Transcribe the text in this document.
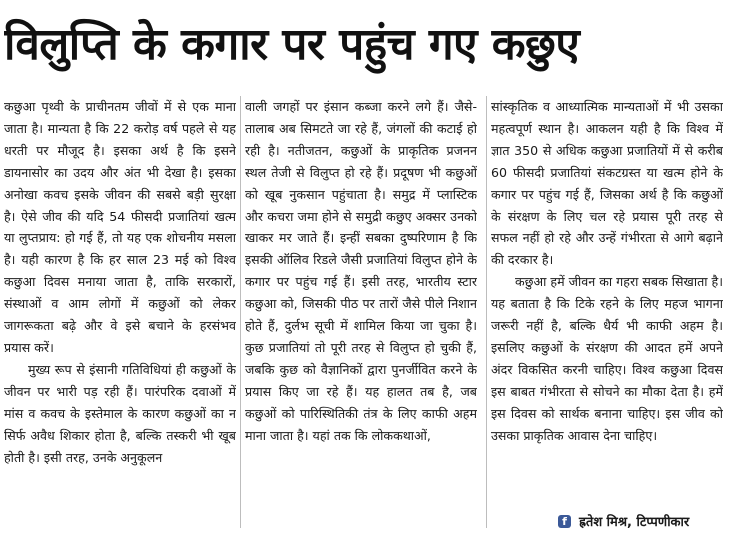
विलुप्ति के कगार पर पहुंच गए कछुए

कछुआ पृथ्वी के प्राचीनतम जीवों में से एक माना जाता है। मान्यता है कि 22 करोड़ वर्ष पहले से यह धरती पर मौजूद है। इसका अर्थ है कि इसने डायनासोर का उदय और अंत भी देखा है। इसका अनोखा कवच इसके जीवन की सबसे बड़ी सुरक्षा है। ऐसे जीव की यदि 54 फीसदी प्रजातियां खत्म या लुप्तप्राय: हो गई हैं, तो यह एक शोचनीय मसला है। यही कारण है कि हर साल 23 मई को विश्व कछुआ दिवस मनाया जाता है, ताकि सरकारों, संस्थाओं व आम लोगों में कछुओं को लेकर जागरूकता बढ़े और वे इसे बचाने के हरसंभव प्रयास करें।

मुख्य रूप से इंसानी गतिविधियां ही कछुओं के जीवन पर भारी पड़ रही हैं। पारंपरिक दवाओं में मांस व कवच के इस्तेमाल के कारण कछुओं का न सिर्फ अवैध शिकार होता है, बल्कि तस्करी भी खूब होती है। इसी तरह, उनके अनुकूलन

वाली जगहों पर इंसान कब्जा करने लगे हैं। जैसे- तालाब अब सिमटते जा रहे हैं, जंगलों की कटाई हो रही है। नतीजतन, कछुओं के प्राकृतिक प्रजनन स्थल तेजी से विलुप्त हो रहे हैं। प्रदूषण भी कछुओं को खूब नुकसान पहुंचाता है। समुद्र में प्लास्टिक और कचरा जमा होने से समुद्री कछुए अक्सर उनको खाकर मर जाते हैं। इन्हीं सबका दुष्परिणाम है कि इसकी ऑलिव रिडले जैसी प्रजातियां विलुप्त होने के कगार पर पहुंच गई हैं। इसी तरह, भारतीय स्टार कछुआ को, जिसकी पीठ पर तारों जैसे पीले निशान होते हैं, दुर्लभ सूची में शामिल किया जा चुका है। कुछ प्रजातियां तो पूरी तरह से विलुप्त हो चुकी हैं, जबकि कुछ को वैज्ञानिकों द्वारा पुनर्जीवित करने के प्रयास किए जा रहे हैं। यह हालत तब है, जब कछुओं को पारिस्थितिकी तंत्र के लिए काफी अहम माना जाता है। यहां तक कि लोककथाओं,

सांस्कृतिक व आध्यात्मिक मान्यताओं में भी उसका महत्वपूर्ण स्थान है। आकलन यही है कि विश्व में ज्ञात 350 से अधिक कछुआ प्रजातियों में से करीब 60 फीसदी प्रजातियां संकटग्रस्त या खत्म होने के कगार पर पहुंच गई हैं, जिसका अर्थ है कि कछुओं के संरक्षण के लिए चल रहे प्रयास पूरी तरह से सफल नहीं हो रहे और उन्हें गंभीरता से आगे बढ़ाने की दरकार है।

कछुआ हमें जीवन का गहरा सबक सिखाता है। यह बताता है कि टिके रहने के लिए महज भागना जरूरी नहीं है, बल्कि धैर्य भी काफी अहम है। इसलिए कछुओं के संरक्षण की आदत हमें अपने अंदर विकसित करनी चाहिए। विश्व कछुआ दिवस इस बाबत गंभीरता से सोचने का मौका देता है। हमें इस दिवस को सार्थक बनाना चाहिए। इस जीव को उसका प्राकृतिक आवास देना चाहिए।

f ह्रतेश मिश्र, टिप्पणीकार
